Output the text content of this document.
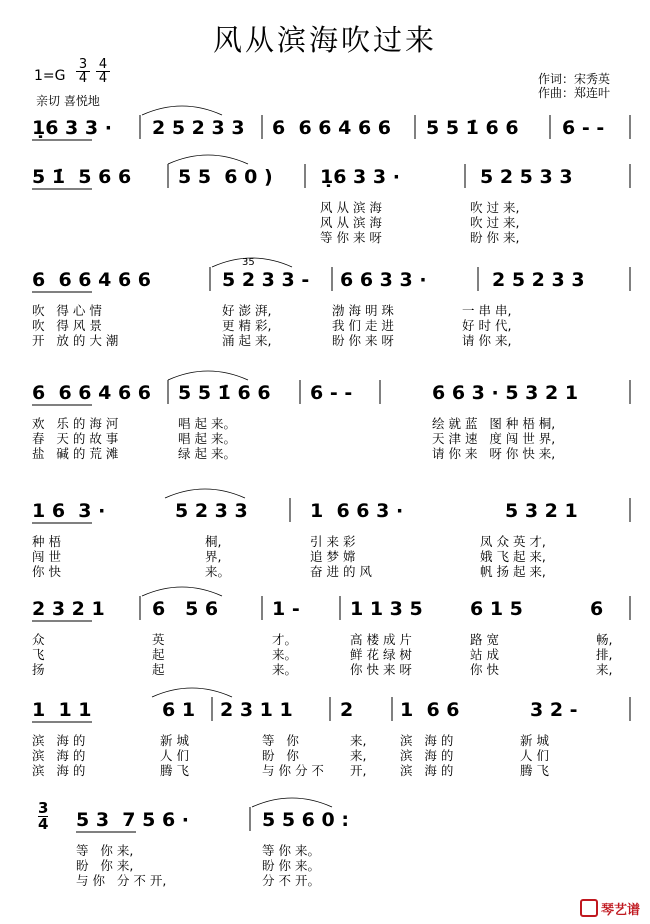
风从滨海吹过来
1=G
3
4
4
4
亲切 喜悦地
作词：宋秀英
作曲：郑连叶
1̣6 3 3 · 2 5 2 3 3 6  6 6 4 6 6 5 5 1̇ 6 6 6 - -
5 1̇  5 6 6 5 5  6 0 ) 1̣6 3 3 ·	5 2 5 3 3
风 从 滨 海	吹 过 来,
风 从 滨 海	吹 过 来,
等 你 来 呀	盼 你 来,
6  6 6 4 6 6	5 2 3 3 - 6 6 3 3 ·	2 5 2 3 3
35
吹   得 心 情	好 澎 湃,	渤 海 明 珠	一 串 串,
吹   得 风 景	更 精 彩,	我 们 走 进	好 时 代,
开   放 的 大 潮	涌 起 来,	盼 你 来 呀	请 你 来,
6  6 6 4 6 6 5 5 1̇ 6 6 6 - -	6 6 3 · 5 3 2 1
欢   乐 的 海 河	唱 起 来。	绘 就 蓝   图 种 梧 桐,
春   天 的 故 事	唱 起 来。	天 津 速   度 闯 世 界,
盐   碱 的 荒 滩	绿 起 来。	请 你 来   呀 你 快 来,
1 6  3 ·	5 2 3 3	1  6 6 3 ·	5 3 2 1
种 梧	桐,	引 来 彩	凤 众 英 才,
闯 世	界,	追 梦 嫦	娥 飞 起 来,
你 快	来。	奋 进 的 风	帆 扬 起 来,
2 3 2 1 6   5 6	1 -	1 1 3 5 6 1 5	6
众	英	才。	高 楼 成 片	路 宽	畅,
飞	起	来。	鲜 花 绿 树	站 成	排,
扬	起	来。	你 快 来 呀	你 快	来,
1  1 1	6 1 2 3 1 1 2 1  6 6	3 2 -
滨   海 的	新 城	等   你	来,	滨   海 的	新 城
滨   海 的	人 们	盼   你	来,	滨   海 的	人 们
滨   海 的	腾 飞	与 你 分 不 开,	滨   海 的	腾 飞
5 3  7 5 6 ·	5 5 6 0 :
3
4
等   你 来,	等 你 来。
盼   你 来,	盼 你 来。
与 你   分 不 开,	分 不 开。
琴艺谱
